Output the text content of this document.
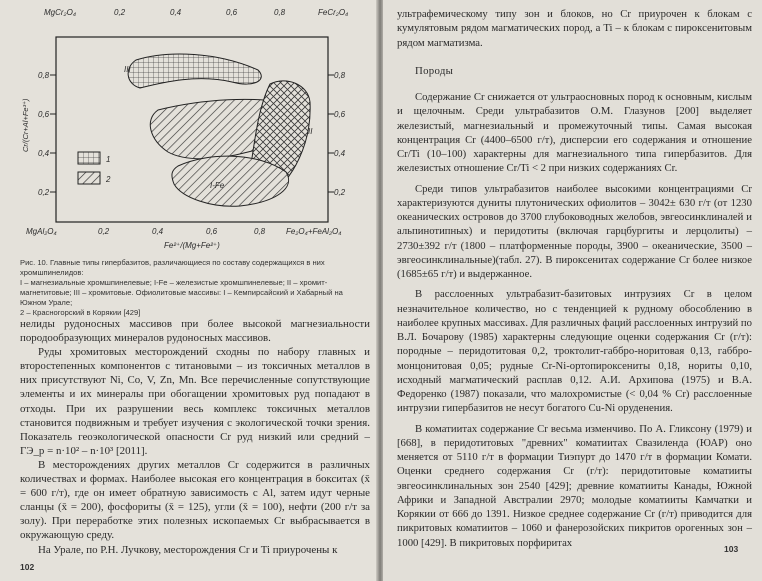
MgCr₂O₄	FeCr₂O₄
MgAl₂O₄	Fe₂O₄+FeAl₂O₄
0,2	0,4	0,6	0,8
0,2	0,4	0,6	0,8
0,8
0,6
0,4
0,2
0,8
0,6
0,4
0,2
Cr/(Cr+Al+Fe³⁺)
Fe²⁺/(Mg+Fe²⁺)
III
II
I-Fe
1
2

Рис. 10. Главные типы гипербазитов, различающиеся по составу содержащихся в них хромшпинелидов:

I – магнезиальные хромшпинелевые; I-Fe – железистые хромшпинелевые; II – хромит-магнетитовые; III – хромитовые. Офиолитовые массивы: I – Кемпирсайский и Хабарный на Южном Урале;

2 – Красногорский в Корякии [429]

нелиды рудоносных массивов при более высокой магнезиальности породообразующих минералов рудоносных массивов.

Руды хромитовых месторождений сходны по набору главных и второстепенных компонентов с титановыми – из токсичных металлов в них присутствуют Ni, Co, V, Zn, Mn. Все перечисленные сопутствующие элементы и их минералы при обогащении хромитовых руд попадают в отходы. При их разрушении весь комплекс токсичных металлов становится подвижным и требует изучения с экологической точки зрения. Показатель геоэкологической опасности Cr руд низкий или средний – ГЭ_р = n·10² – n·10³ [2011].

В месторождениях других металлов Cr содержится в различных количествах и формах. Наиболее высокая его концентрация в бокситах (x̄ = 600 г/т), где он имеет обратную зависимость с Al, затем идут черные сланцы (x̄ = 200), фосфориты (x̄ = 125), угли (x̄ = 100), нефти (200 г/т за золу). При переработке этих полезных ископаемых Cr выбрасывается в окружающую среду.

На Урале, по Р.Н. Лучкову, месторождения Cr и Ti приурочены к

102
103

ультрафемическому типу зон и блоков, но Cr приурочен к блокам с кумулятовым рядом магматических пород, а Ti – к блокам с пироксенитовым рядом магматизма.

Породы

Содержание Cr снижается от ультраосновных пород к основным, кислым и щелочным. Среди ультрабазитов О.М. Глазунов [200] выделяет железистый, магнезиальный и промежуточный типы. Самая высокая концентрация Cr (4400–6500 г/т), дисперсии его содержания и отношение Cr/Ti (10–100) характерны для магнезиального типа гипербазитов. Для железистых отношение Cr/Ti < 2 при низких содержаниях Cr.

Среди типов ультрабазитов наиболее высокими концентрациями Cr характеризуются дуниты плутонических офиолитов – 3042± 630 г/т (от 1230 океанических островов до 3700 глубоководных желобов, эвгеосинклиналей и альпинотипных) и перидотиты (включая гарцбургиты и лерцолиты) – 2730±392 г/т (1800 – платформенные породы, 3900 – океанические, 3500 – эвгеосинклинальные)(табл. 27). В пироксенитах содержание Cr более низкое (1685±65 г/т) и выдержанное.

В расслоенных ультрабазит-базитовых интрузиях Cr в целом незначительное количество, но с тенденцией к рудному обособлению в наиболее крупных массивах. Для различных фаций расслоенных интрузий по В.Л. Бочарову (1985) характерны следующие оценки содержания Cr (г/т): породные – перидотитовая 0,2, троктолит-габбро-норитовая 0,13, габбро-монцонитовая 0,05; рудные Cr-Ni-ортопироксениты 0,18, нориты 0,10, исходный магматический расплав 0,12. А.И. Архипова (1975) и В.А. Федоренко (1987) показали, что малохромистые (< 0,04 % Cr) расслоенные интрузии гипербазитов не несут богатого Cu-Ni оруденения.

В коматиитах содержание Cr весьма изменчиво. По А. Гликсону (1979) и [668], в перидотитовых "древних" коматиитах Свазиленда (ЮАР) оно меняется от 5110 г/т в формации Тиэпурт до 1470 г/т в формации Комати. Оценки среднего содержания Cr (г/т): перидотитовые коматииты эвгеосинклинальных зон 2540 [429]; древние коматииты Канады, Южной Африки и Западной Австралии 2970; молодые коматииты Камчатки и Корякии от 666 до 1391. Низкое среднее содержание Cr (г/т) приводится для пикритовых коматиитов – 1060 и фанерозойских пикритов орогенных зон – 1000 [429]. В пикритовых порфиритах
